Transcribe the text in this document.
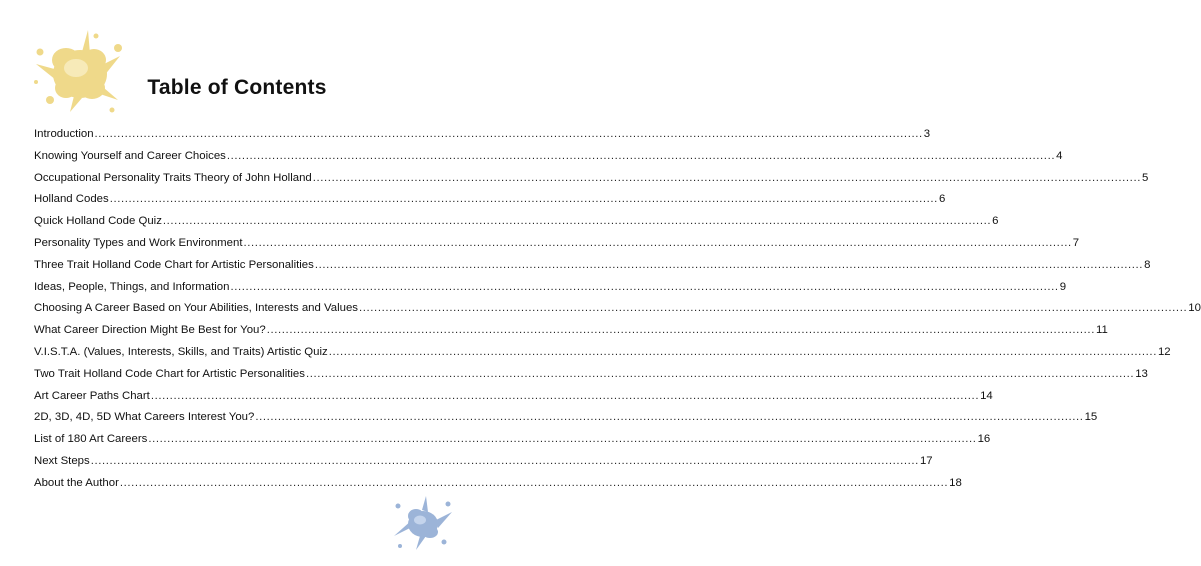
Table of Contents
Introduction ............................................................................................................................................................................................................................ 3
Knowing Yourself and Career Choices ............................................................................................................................................................................................................................ 4
Occupational Personality Traits Theory of John Holland ............................................................................................................................................................................................................................ 5
Holland Codes ............................................................................................................................................................................................................................ 6
Quick Holland Code Quiz ............................................................................................................................................................................................................................ 6
Personality Types and Work Environment ............................................................................................................................................................................................................................ 7
Three Trait Holland Code Chart for Artistic Personalities ............................................................................................................................................................................................................................ 8
Ideas, People, Things, and Information ............................................................................................................................................................................................................................ 9
Choosing A Career Based on Your Abilities, Interests and Values ............................................................................................................................................................................................................................ 10
What Career Direction Might Be Best for You? ............................................................................................................................................................................................................................ 11
V.I.S.T.A. (Values, Interests, Skills, and Traits) Artistic Quiz ............................................................................................................................................................................................................................ 12
Two Trait Holland Code Chart for Artistic Personalities ............................................................................................................................................................................................................................ 13
Art Career Paths Chart ............................................................................................................................................................................................................................ 14
2D, 3D, 4D, 5D What Careers Interest You? ............................................................................................................................................................................................................................ 15
List of 180 Art Careers ............................................................................................................................................................................................................................ 16
Next Steps ............................................................................................................................................................................................................................ 17
About the Author ............................................................................................................................................................................................................................ 18
